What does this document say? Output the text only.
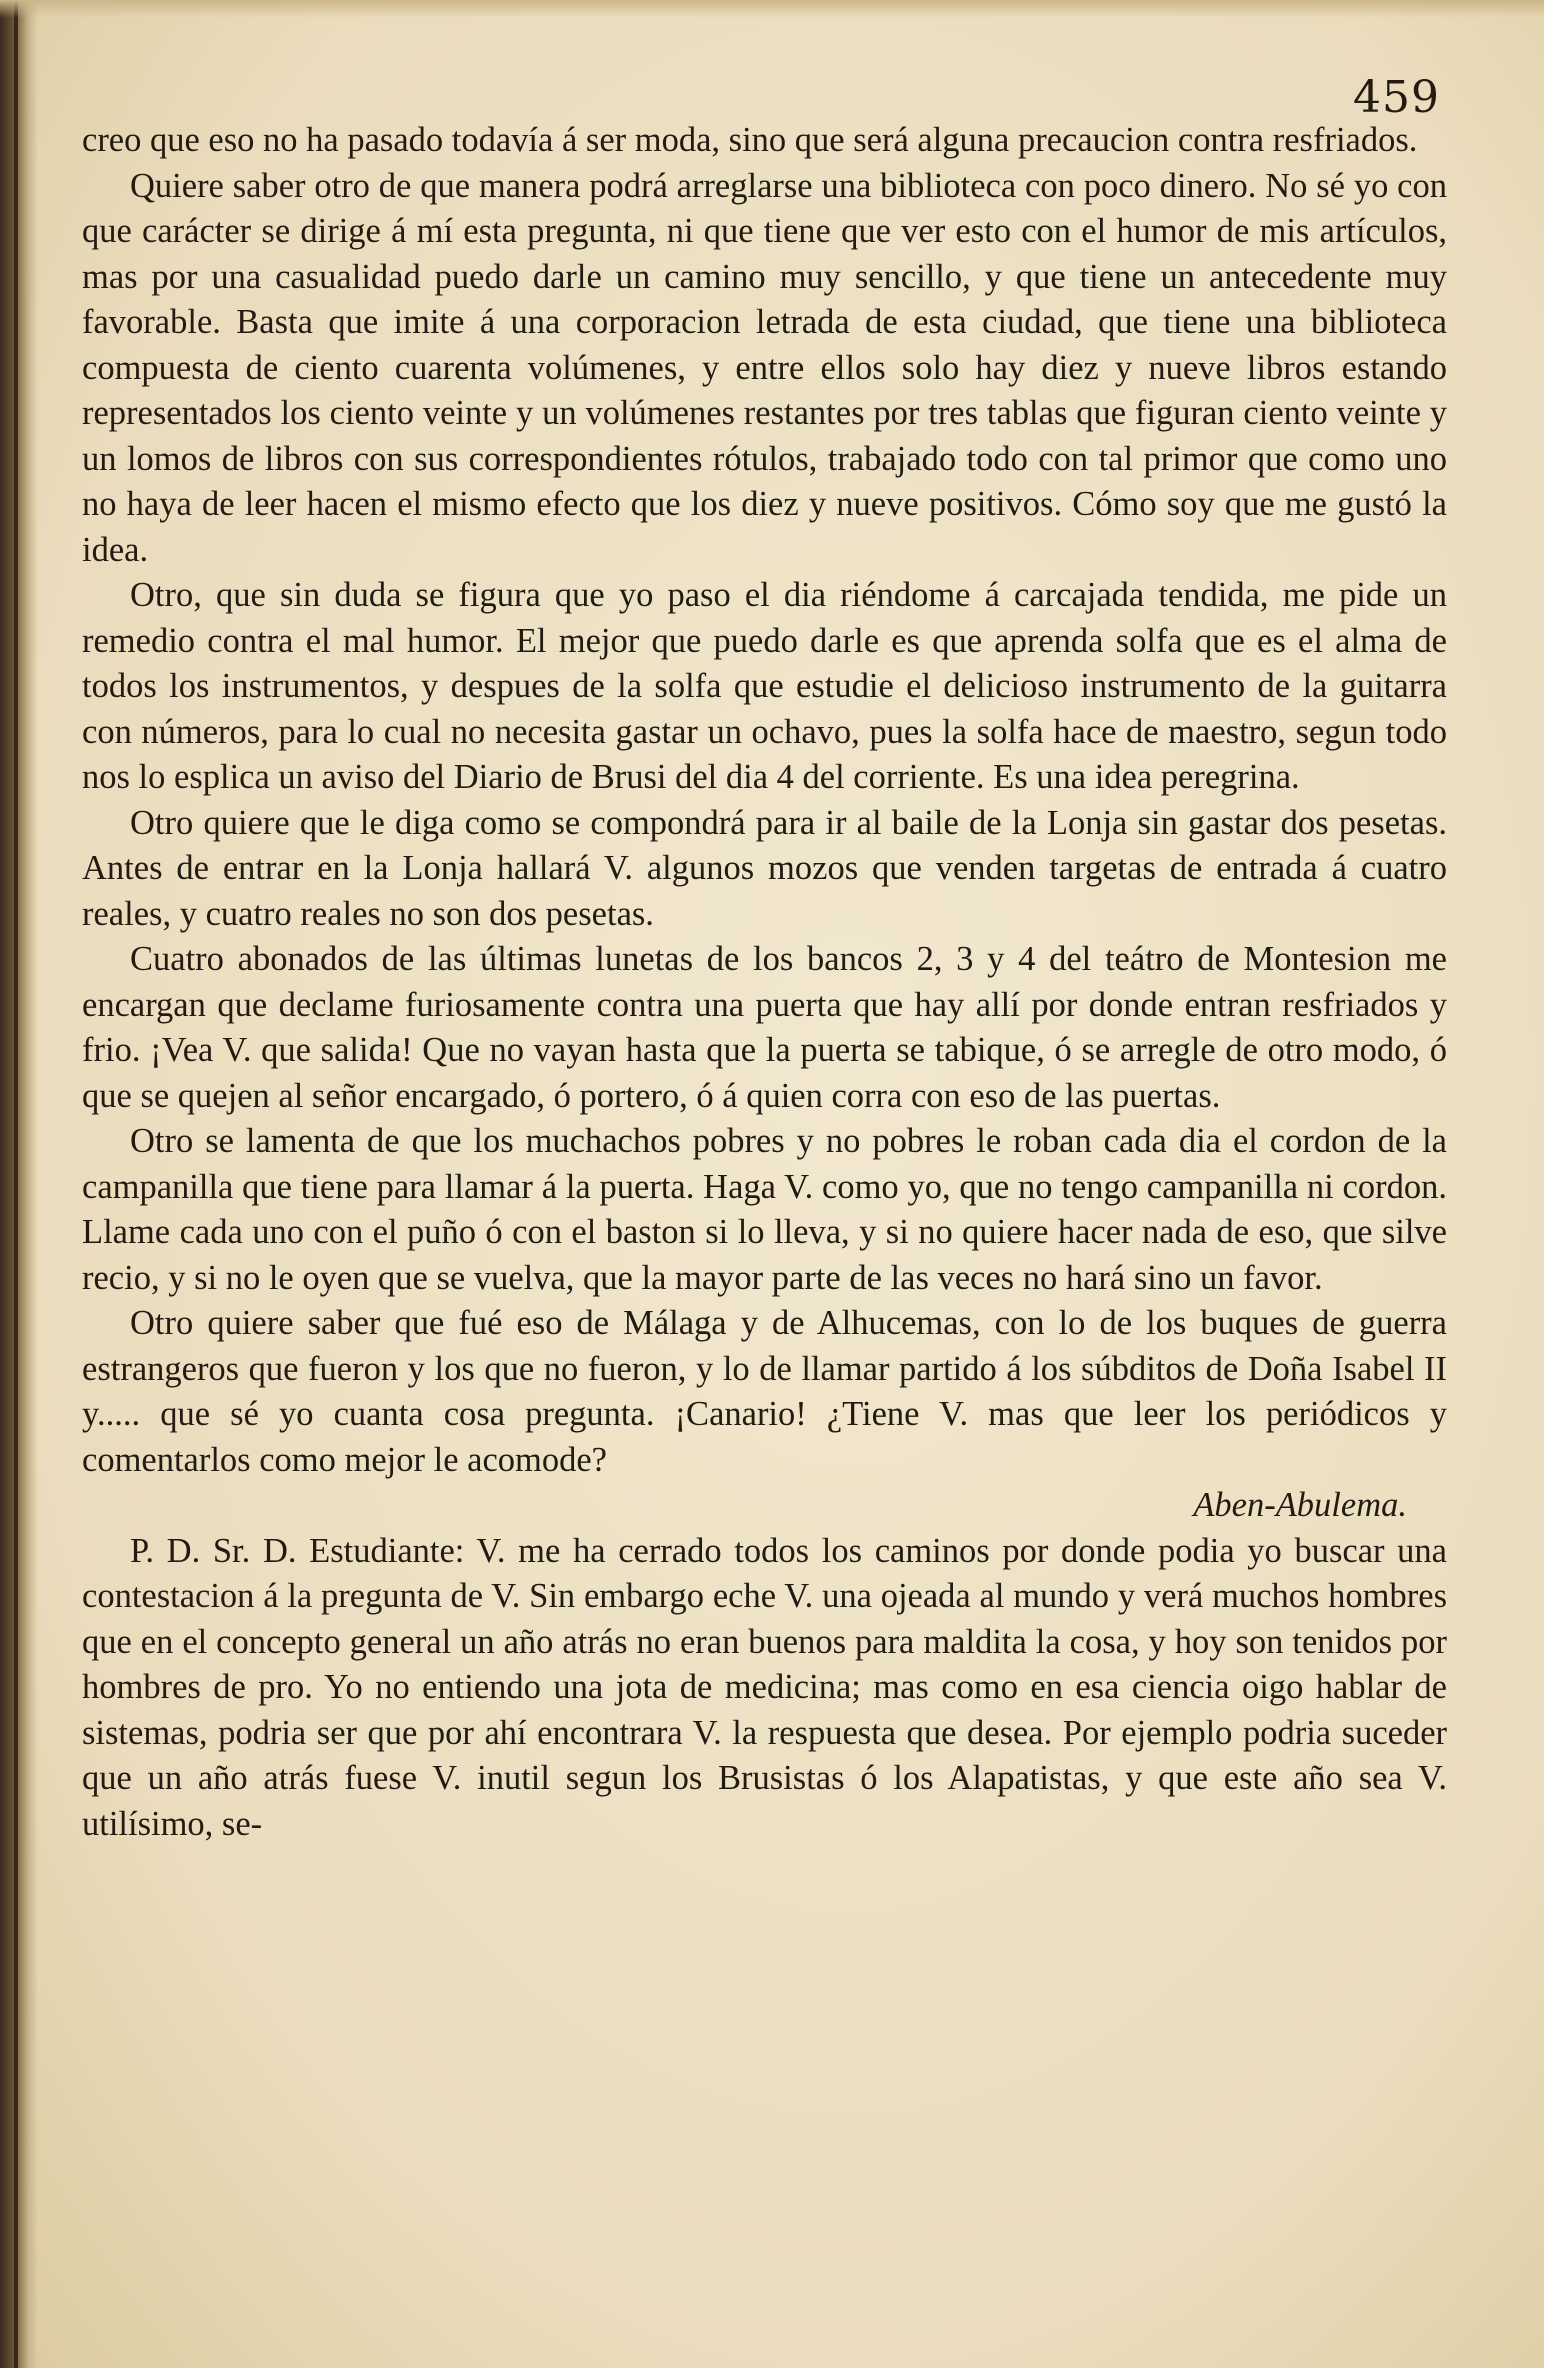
459

creo que eso no ha pasado todavía á ser moda, sino que será alguna precaucion contra resfriados.

Quiere saber otro de que manera podrá arreglarse una biblioteca con poco dinero. No sé yo con que carácter se dirige á mí esta pregunta, ni que tiene que ver esto con el humor de mis artículos, mas por una casualidad puedo darle un camino muy sencillo, y que tiene un antecedente muy favorable. Basta que imite á una corporacion letrada de esta ciudad, que tiene una biblioteca compuesta de ciento cuarenta volúmenes, y entre ellos solo hay diez y nueve libros estando representados los ciento veinte y un volúmenes restantes por tres tablas que figuran ciento veinte y un lomos de libros con sus correspondientes rótulos, trabajado todo con tal primor que como uno no haya de leer hacen el mismo efecto que los diez y nueve positivos. Cómo soy que me gustó la idea.

Otro, que sin duda se figura que yo paso el dia riéndome á carcajada tendida, me pide un remedio contra el mal humor. El mejor que puedo darle es que aprenda solfa que es el alma de todos los instrumentos, y despues de la solfa que estudie el delicioso instrumento de la guitarra con números, para lo cual no necesita gastar un ochavo, pues la solfa hace de maestro, segun todo nos lo esplica un aviso del Diario de Brusi del dia 4 del corriente. Es una idea peregrina.

Otro quiere que le diga como se compondrá para ir al baile de la Lonja sin gastar dos pesetas. Antes de entrar en la Lonja hallará V. algunos mozos que venden targetas de entrada á cuatro reales, y cuatro reales no son dos pesetas.

Cuatro abonados de las últimas lunetas de los bancos 2, 3 y 4 del teátro de Montesion me encargan que declame furiosamente contra una puerta que hay allí por donde entran resfriados y frio. ¡Vea V. que salida! Que no vayan hasta que la puerta se tabique, ó se arregle de otro modo, ó que se quejen al señor encargado, ó portero, ó á quien corra con eso de las puertas.

Otro se lamenta de que los muchachos pobres y no pobres le roban cada dia el cordon de la campanilla que tiene para llamar á la puerta. Haga V. como yo, que no tengo campanilla ni cordon. Llame cada uno con el puño ó con el baston si lo lleva, y si no quiere hacer nada de eso, que silve recio, y si no le oyen que se vuelva, que la mayor parte de las veces no hará sino un favor.

Otro quiere saber que fué eso de Málaga y de Alhucemas, con lo de los buques de guerra estrangeros que fueron y los que no fueron, y lo de llamar partido á los súbditos de Doña Isabel II y..... que sé yo cuanta cosa pregunta. ¡Canario! ¿Tiene V. mas que leer los periódicos y comentarlos como mejor le acomode?

Aben-Abulema.

P. D. Sr. D. Estudiante: V. me ha cerrado todos los caminos por donde podia yo buscar una contestacion á la pregunta de V. Sin embargo eche V. una ojeada al mundo y verá muchos hombres que en el concepto general un año atrás no eran buenos para maldita la cosa, y hoy son tenidos por hombres de pro. Yo no entiendo una jota de medicina; mas como en esa ciencia oigo hablar de sistemas, podria ser que por ahí encontrara V. la respuesta que desea. Por ejemplo podria suceder que un año atrás fuese V. inutil segun los Brusistas ó los Alapatistas, y que este año sea V. utilísimo, se-
